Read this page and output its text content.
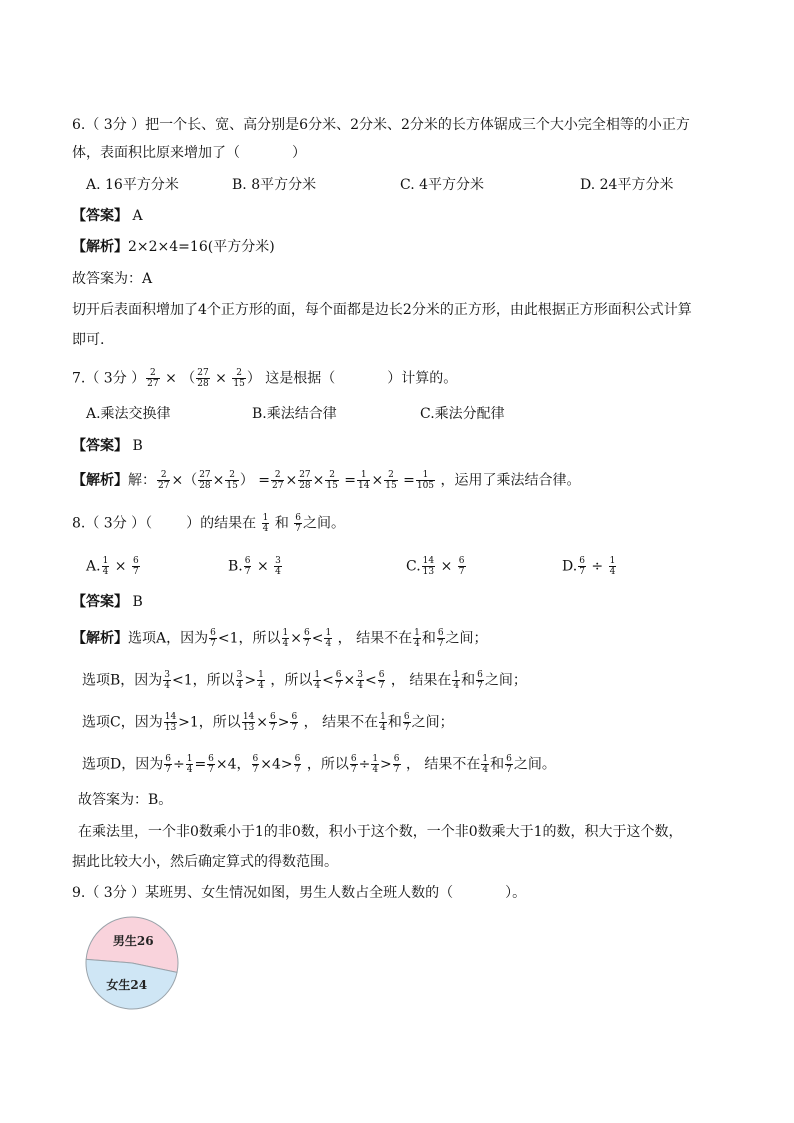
6.（ 3分 ）把一个长、宽、高分别是6分米、2分米、2分米的长方体锯成三个大小完全相等的小正方
体，表面积比原来增加了（	）
A. 16平方分米	B. 8平方分米	C. 4平方分米	D. 24平方分米
【答案】 A
【解析】2×2×4=16(平方分米)
故答案为：A
切开后表面积增加了4个正方形的面，每个面都是边长2分米的正方形，由此根据正方形面积公式计算
即可.
7.（ 3分 ） $\frac{2}{27}$ × （ $\frac{27}{28} \times \frac{2}{15}$ ） 这是根据（	）计算的。
A.乘法交换律	B.乘法结合律	C.乘法分配律
【答案】 B
【解析】解： $\frac{2}{27}$ ×（ $\frac{27}{28} \times \frac{2}{15}$ ） = $\frac{2}{27} \times \frac{27}{28} \times \frac{2}{15} = \frac{1}{14} \times \frac{2}{15} = \frac{1}{105}$ ，运用了乘法结合律。
8.（ 3分 ）（ ）的结果在 $\frac{1}{4}$ 和 $\frac{6}{7}$ 之间。
A. $\frac{1}{4} \times \frac{6}{7}$	B. $\frac{6}{7} \times \frac{3}{4}$	C. $\frac{14}{13} \times \frac{6}{7}$	D. $\frac{6}{7} \div \frac{1}{4}$
【答案】 B
【解析】选项A，因为 $\frac{6}{7} <1$，所以 $\frac{1}{4} \times \frac{6}{7} < \frac{1}{4}$ ， 结果不在 $\frac{1}{4}$ 和 $\frac{6}{7}$ 之间；
选项B，因为 $\frac{3}{4} <1$，所以 $\frac{3}{4} > \frac{1}{4}$ ，所以 $\frac{1}{4} < \frac{6}{7} \times \frac{3}{4} < \frac{6}{7}$ ， 结果在 $\frac{1}{4}$ 和 $\frac{6}{7}$ 之间；
选项C，因为 $\frac{14}{13} >1$，所以 $\frac{14}{13} \times \frac{6}{7} > \frac{6}{7}$ ， 结果不在 $\frac{1}{4}$ 和 $\frac{6}{7}$ 之间；
选项D，因为 $\frac{6}{7} \div \frac{1}{4} = \frac{6}{7} \times 4$， $\frac{6}{7} \times 4> \frac{6}{7}$ ，所以 $\frac{6}{7} \div \frac{1}{4} > \frac{6}{7}$ ， 结果不在 $\frac{1}{4}$ 和 $\frac{6}{7}$ 之间。
故答案为：B。
在乘法里，一个非0数乘小于1的非0数，积小于这个数，一个非0数乘大于1的数，积大于这个数，
据此比较大小，然后确定算式的得数范围。
9.（ 3分 ）某班男、女生情况如图，男生人数占全班人数的（	）。
男生26
女生24
